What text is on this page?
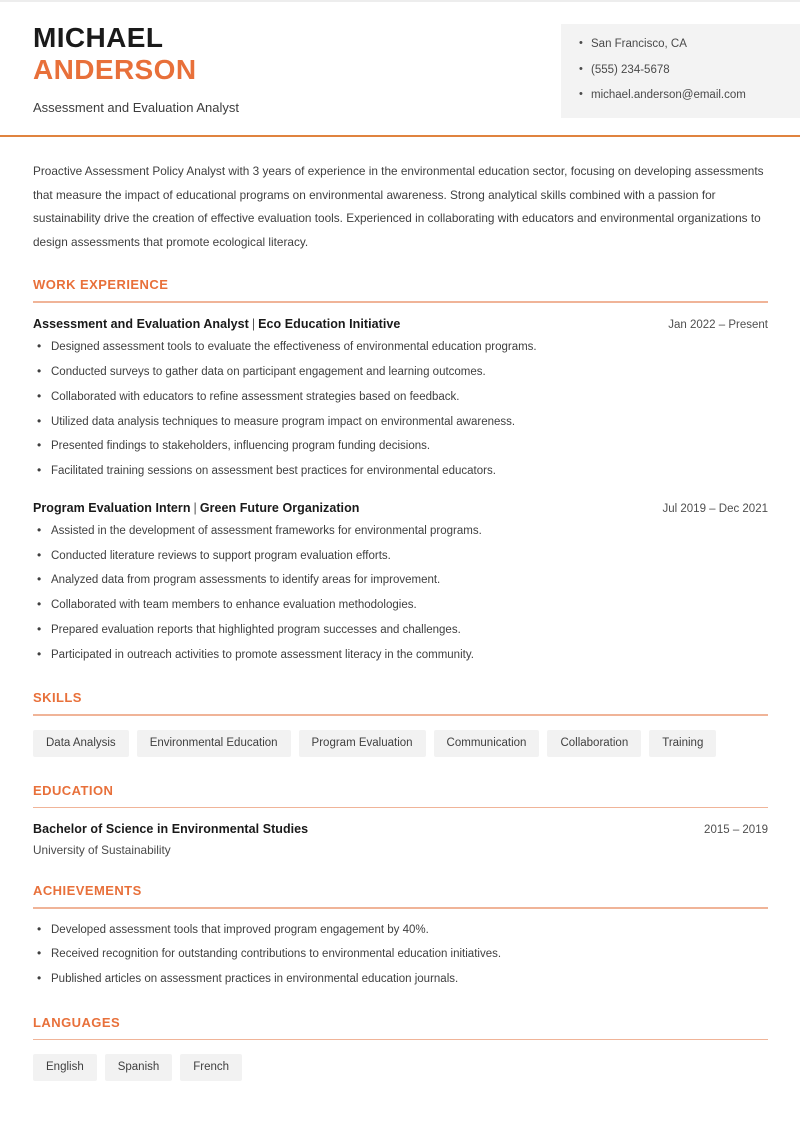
MICHAEL
ANDERSON
Assessment and Evaluation Analyst
• San Francisco, CA
• (555) 234-5678
• michael.anderson@email.com
Proactive Assessment Policy Analyst with 3 years of experience in the environmental education sector, focusing on developing assessments that measure the impact of educational programs on environmental awareness. Strong analytical skills combined with a passion for sustainability drive the creation of effective evaluation tools. Experienced in collaborating with educators and environmental organizations to design assessments that promote ecological literacy.
WORK EXPERIENCE
Assessment and Evaluation Analyst | Eco Education Initiative	Jan 2022 – Present
• Designed assessment tools to evaluate the effectiveness of environmental education programs.
• Conducted surveys to gather data on participant engagement and learning outcomes.
• Collaborated with educators to refine assessment strategies based on feedback.
• Utilized data analysis techniques to measure program impact on environmental awareness.
• Presented findings to stakeholders, influencing program funding decisions.
• Facilitated training sessions on assessment best practices for environmental educators.
Program Evaluation Intern | Green Future Organization	Jul 2019 – Dec 2021
• Assisted in the development of assessment frameworks for environmental programs.
• Conducted literature reviews to support program evaluation efforts.
• Analyzed data from program assessments to identify areas for improvement.
• Collaborated with team members to enhance evaluation methodologies.
• Prepared evaluation reports that highlighted program successes and challenges.
• Participated in outreach activities to promote assessment literacy in the community.
SKILLS
Data Analysis	Environmental Education	Program Evaluation	Communication	Collaboration	Training
EDUCATION
Bachelor of Science in Environmental Studies	2015 – 2019
University of Sustainability
ACHIEVEMENTS
• Developed assessment tools that improved program engagement by 40%.
• Received recognition for outstanding contributions to environmental education initiatives.
• Published articles on assessment practices in environmental education journals.
LANGUAGES
English	Spanish	French
